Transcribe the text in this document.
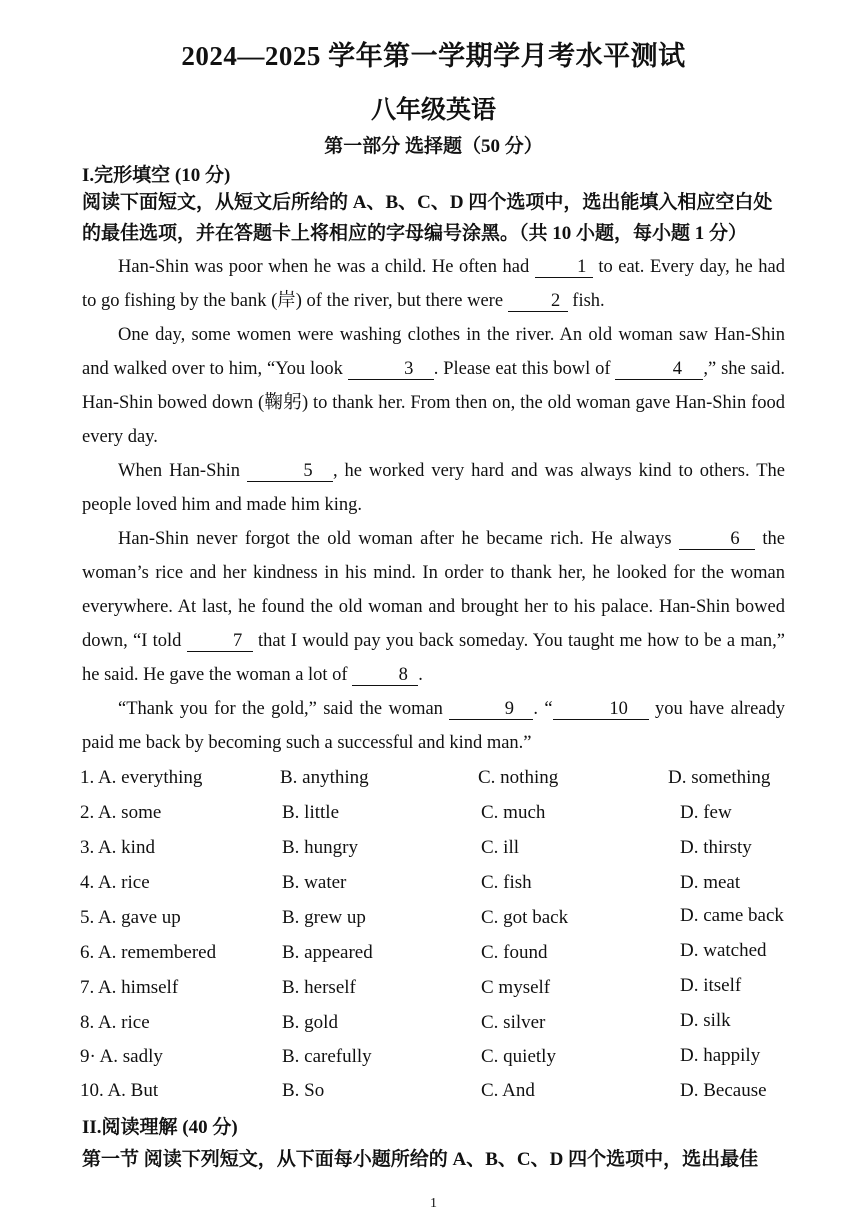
2024—2025 学年第一学期学月考水平测试
八年级英语
第一部分 选择题（50 分）
I.完形填空 (10 分)
阅读下面短文，从短文后所给的 A、B、C、D 四个选项中，选出能填入相应空白处
的最佳选项，并在答题卡上将相应的字母编号涂黑。（共 10 小题，每小题 1 分）

Han-Shin was poor when he was a child. He often had	1 to eat. Every day, he had to go fishing by the bank (岸) of the river, but there were	2 fish.

One day, some women were washing clothes in the river. An old woman saw Han-Shin and walked over to him, “You look	3 . Please eat this bowl of	4 ,” she said. Han-Shin bowed down (鞠躬) to thank her. From then on, the old woman gave Han-Shin food every day.

When Han-Shin	5 , he worked very hard and was always kind to others. The people loved him and made him king.

Han-Shin never forgot the old woman after he became rich. He always	6 the woman’s rice and her kindness in his mind. In order to thank her, he looked for the woman everywhere. At last, he found the old woman and brought her to his palace. Han-Shin bowed down, “I told	7 that I would pay you back someday. You taught me how to be a man,” he said. He gave the woman a lot of	8 .

“Thank you for the gold,” said the woman	9 . “	10 you have already paid me back by becoming such a successful and kind man.”

1. A. everything	B. anything	C. nothing	D. something
2. A. some	B. little	C. much	D. few
3. A. kind	B. hungry	C. ill	D. thirsty
4. A. rice	B. water	C. fish	D. meat
5. A. gave up	B. grew up	C. got back	D. came back
6. A. remembered	B. appeared	C. found	D. watched
7. A. himself	B. herself	C myself	D. itself
8. A. rice	B. gold	C. silver	D. silk
9· A. sadly	B. carefully	C. quietly	D. happily
10. A. But	B. So	C. And	D. Because
II.阅读理解 (40 分)
第一节 阅读下列短文，从下面每小题所给的 A、B、C、D 四个选项中，选出最佳
1
